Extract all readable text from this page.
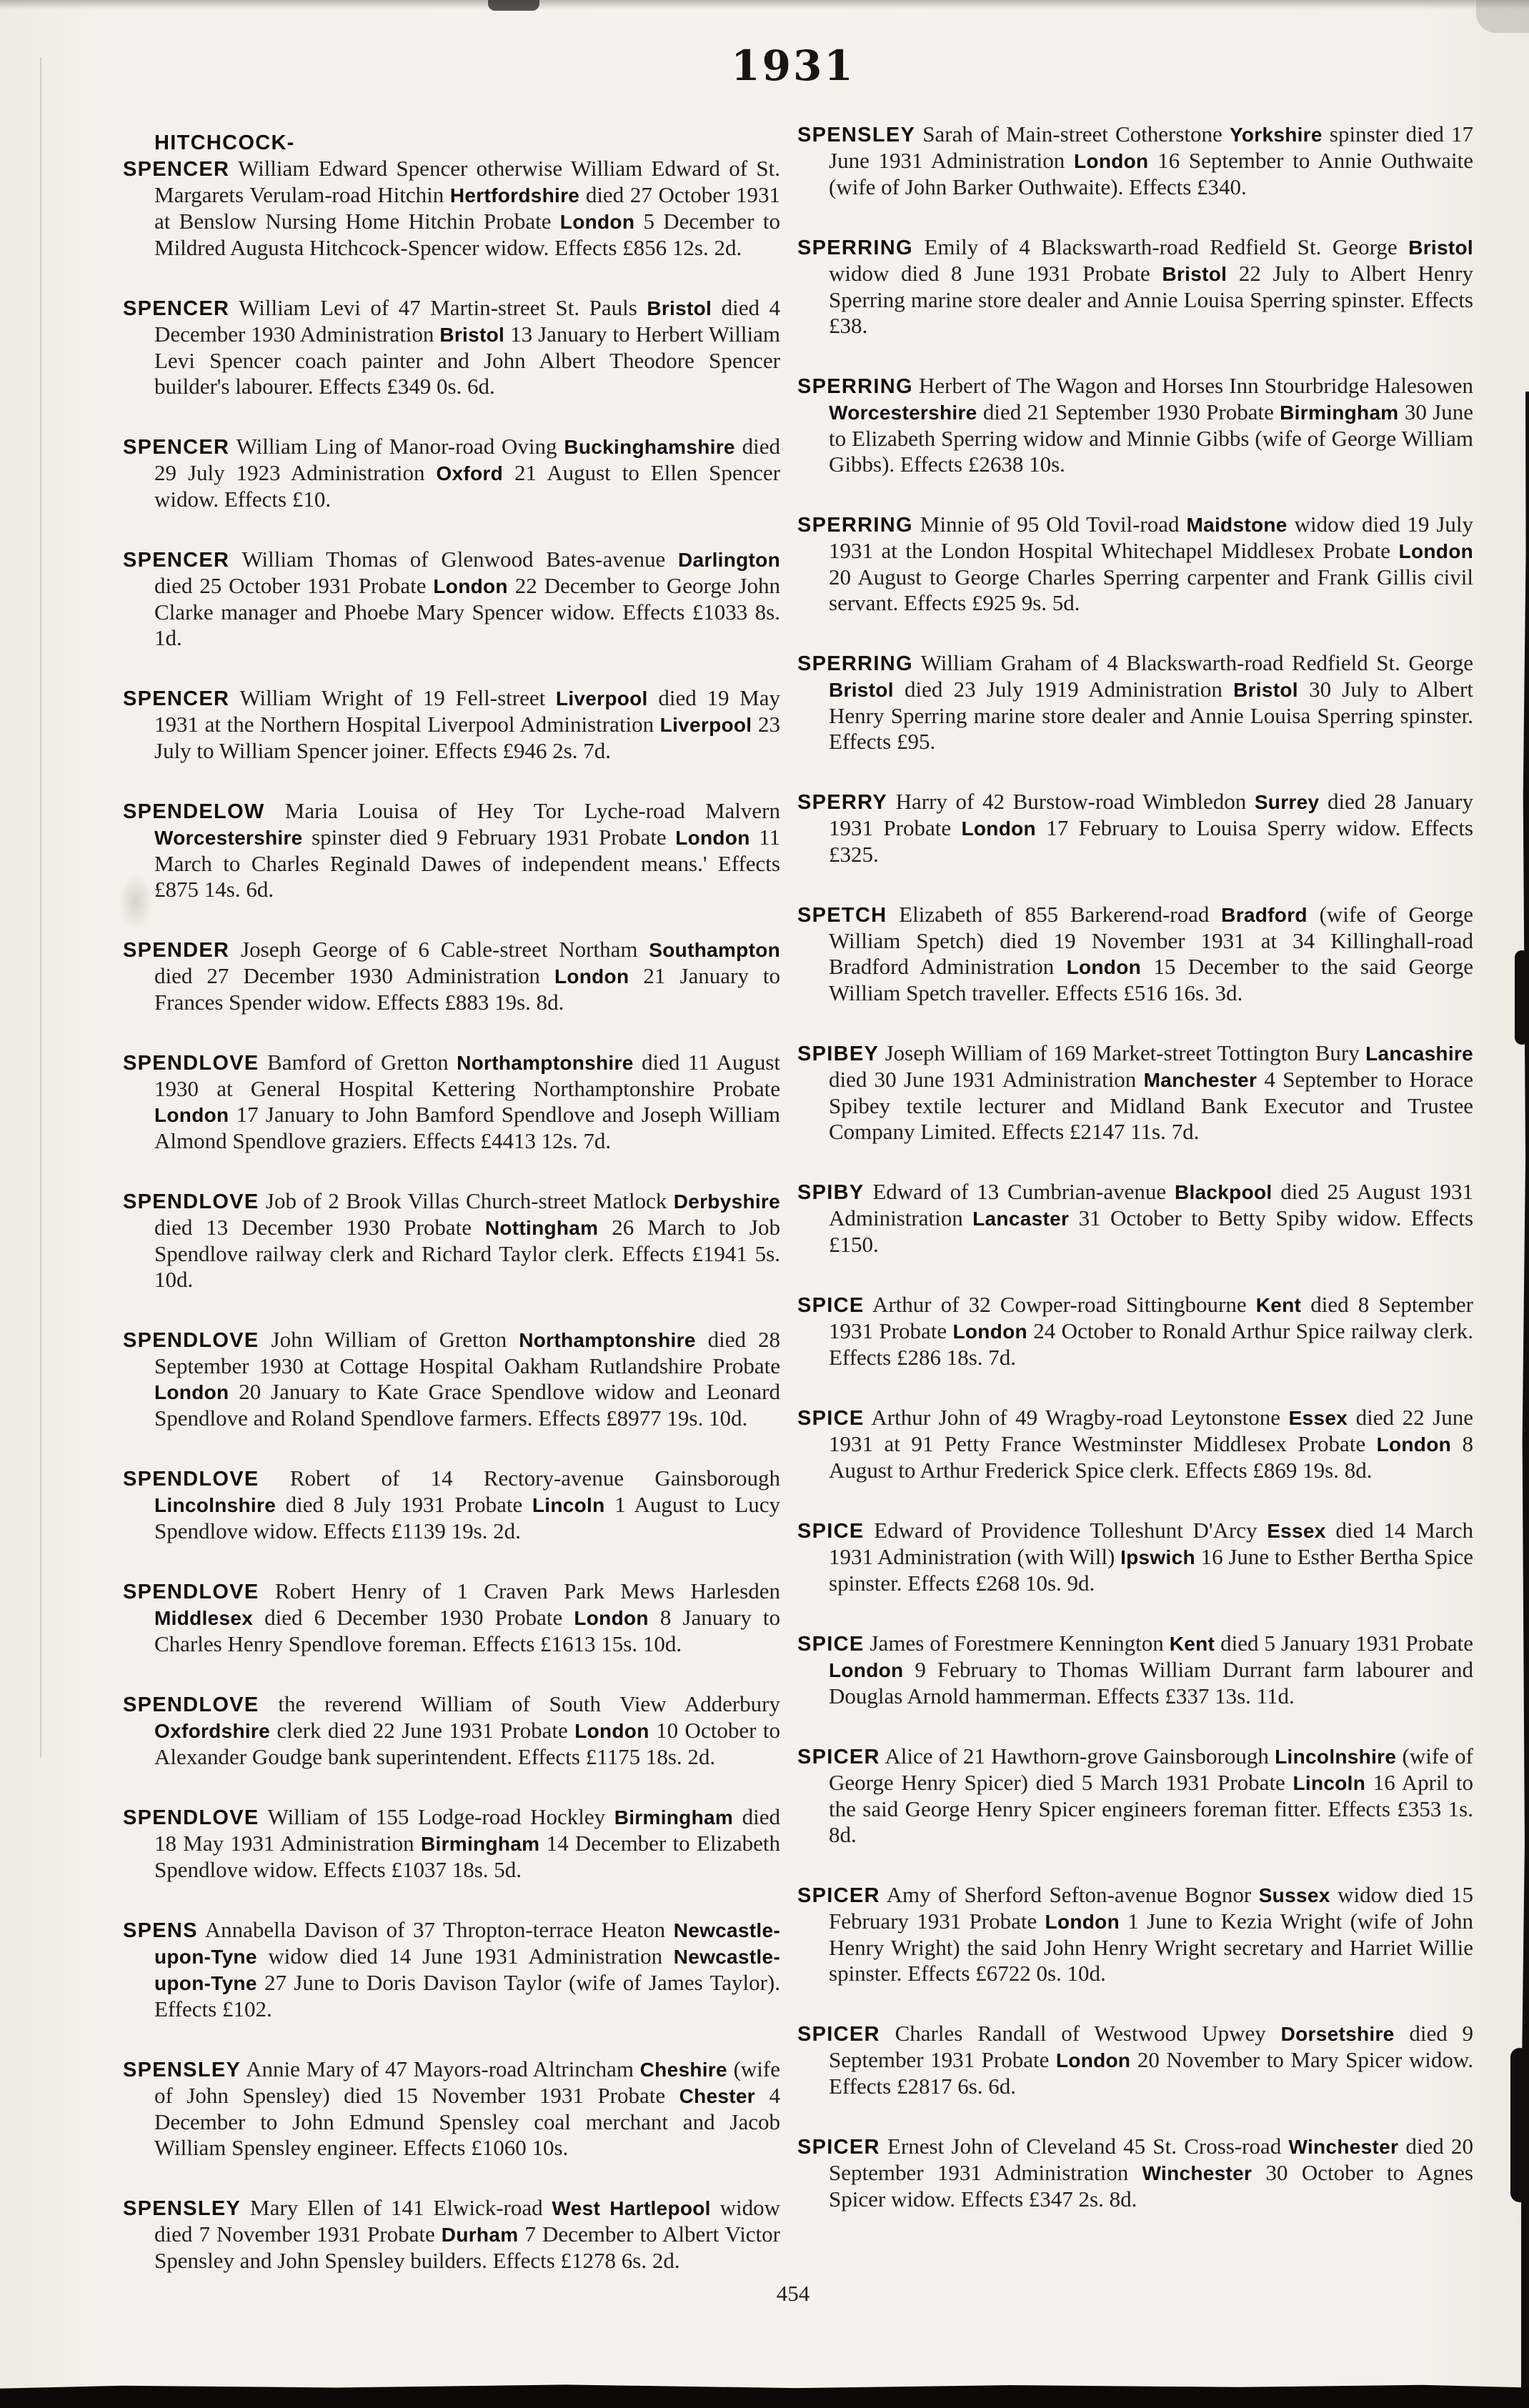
1931
HITCHCOCK-

SPENCER William Edward Spencer otherwise William Edward of St. Margarets Verulam-road Hitchin Hertfordshire died 27 October 1931 at Benslow Nursing Home Hitchin Probate London 5 December to Mildred Augusta Hitchcock-Spencer widow. Effects £856 12s. 2d.

SPENCER William Levi of 47 Martin-street St. Pauls Bristol died 4 December 1930 Administration Bristol 13 January to Herbert William Levi Spencer coach painter and John Albert Theodore Spencer builder's labourer. Effects £349 0s. 6d.

SPENCER William Ling of Manor-road Oving Buckinghamshire died 29 July 1923 Administration Oxford 21 August to Ellen Spencer widow. Effects £10.

SPENCER William Thomas of Glenwood Bates-avenue Darlington died 25 October 1931 Probate London 22 December to George John Clarke manager and Phoebe Mary Spencer widow. Effects £1033 8s. 1d.

SPENCER William Wright of 19 Fell-street Liverpool died 19 May 1931 at the Northern Hospital Liverpool Administration Liverpool 23 July to William Spencer joiner. Effects £946 2s. 7d.

SPENDELOW Maria Louisa of Hey Tor Lyche-road Malvern Worcestershire spinster died 9 February 1931 Probate London 11 March to Charles Reginald Dawes of independent means.' Effects £875 14s. 6d.

SPENDER Joseph George of 6 Cable-street Northam Southampton died 27 December 1930 Administration London 21 January to Frances Spender widow. Effects £883 19s. 8d.

SPENDLOVE Bamford of Gretton Northamptonshire died 11 August 1930 at General Hospital Kettering Northamptonshire Probate London 17 January to John Bamford Spendlove and Joseph William Almond Spendlove graziers. Effects £4413 12s. 7d.

SPENDLOVE Job of 2 Brook Villas Church-street Matlock Derbyshire died 13 December 1930 Probate Nottingham 26 March to Job Spendlove railway clerk and Richard Taylor clerk. Effects £1941 5s. 10d.

SPENDLOVE John William of Gretton Northamptonshire died 28 September 1930 at Cottage Hospital Oakham Rutlandshire Probate London 20 January to Kate Grace Spendlove widow and Leonard Spendlove and Roland Spendlove farmers. Effects £8977 19s. 10d.

SPENDLOVE Robert of 14 Rectory-avenue Gainsborough Lincolnshire died 8 July 1931 Probate Lincoln 1 August to Lucy Spendlove widow. Effects £1139 19s. 2d.

SPENDLOVE Robert Henry of 1 Craven Park Mews Harlesden Middlesex died 6 December 1930 Probate London 8 January to Charles Henry Spendlove foreman. Effects £1613 15s. 10d.

SPENDLOVE the reverend William of South View Adderbury Oxfordshire clerk died 22 June 1931 Probate London 10 October to Alexander Goudge bank superintendent. Effects £1175 18s. 2d.

SPENDLOVE William of 155 Lodge-road Hockley Birmingham died 18 May 1931 Administration Birmingham 14 December to Elizabeth Spendlove widow. Effects £1037 18s. 5d.

SPENS Annabella Davison of 37 Thropton-terrace Heaton Newcastle-upon-Tyne widow died 14 June 1931 Administration Newcastle-upon-Tyne 27 June to Doris Davison Taylor (wife of James Taylor). Effects £102.

SPENSLEY Annie Mary of 47 Mayors-road Altrincham Cheshire (wife of John Spensley) died 15 November 1931 Probate Chester 4 December to John Edmund Spensley coal merchant and Jacob William Spensley engineer. Effects £1060 10s.

SPENSLEY Mary Ellen of 141 Elwick-road West Hartlepool widow died 7 November 1931 Probate Durham 7 December to Albert Victor Spensley and John Spensley builders. Effects £1278 6s. 2d.

SPENSLEY Sarah of Main-street Cotherstone Yorkshire spinster died 17 June 1931 Administration London 16 September to Annie Outhwaite (wife of John Barker Outhwaite). Effects £340.

SPERRING Emily of 4 Blackswarth-road Redfield St. George Bristol widow died 8 June 1931 Probate Bristol 22 July to Albert Henry Sperring marine store dealer and Annie Louisa Sperring spinster. Effects £38.

SPERRING Herbert of The Wagon and Horses Inn Stourbridge Halesowen Worcestershire died 21 September 1930 Probate Birmingham 30 June to Elizabeth Sperring widow and Minnie Gibbs (wife of George William Gibbs). Effects £2638 10s.

SPERRING Minnie of 95 Old Tovil-road Maidstone widow died 19 July 1931 at the London Hospital Whitechapel Middlesex Probate London 20 August to George Charles Sperring carpenter and Frank Gillis civil servant. Effects £925 9s. 5d.

SPERRING William Graham of 4 Blackswarth-road Redfield St. George Bristol died 23 July 1919 Administration Bristol 30 July to Albert Henry Sperring marine store dealer and Annie Louisa Sperring spinster. Effects £95.

SPERRY Harry of 42 Burstow-road Wimbledon Surrey died 28 January 1931 Probate London 17 February to Louisa Sperry widow. Effects £325.

SPETCH Elizabeth of 855 Barkerend-road Bradford (wife of George William Spetch) died 19 November 1931 at 34 Killinghall-road Bradford Administration London 15 December to the said George William Spetch traveller. Effects £516 16s. 3d.

SPIBEY Joseph William of 169 Market-street Tottington Bury Lancashire died 30 June 1931 Administration Manchester 4 September to Horace Spibey textile lecturer and Midland Bank Executor and Trustee Company Limited. Effects £2147 11s. 7d.

SPIBY Edward of 13 Cumbrian-avenue Blackpool died 25 August 1931 Administration Lancaster 31 October to Betty Spiby widow. Effects £150.

SPICE Arthur of 32 Cowper-road Sittingbourne Kent died 8 September 1931 Probate London 24 October to Ronald Arthur Spice railway clerk. Effects £286 18s. 7d.

SPICE Arthur John of 49 Wragby-road Leytonstone Essex died 22 June 1931 at 91 Petty France Westminster Middlesex Probate London 8 August to Arthur Frederick Spice clerk. Effects £869 19s. 8d.

SPICE Edward of Providence Tolleshunt D'Arcy Essex died 14 March 1931 Administration (with Will) Ipswich 16 June to Esther Bertha Spice spinster. Effects £268 10s. 9d.

SPICE James of Forestmere Kennington Kent died 5 January 1931 Probate London 9 February to Thomas William Durrant farm labourer and Douglas Arnold hammerman. Effects £337 13s. 11d.

SPICER Alice of 21 Hawthorn-grove Gainsborough Lincolnshire (wife of George Henry Spicer) died 5 March 1931 Probate Lincoln 16 April to the said George Henry Spicer engineers foreman fitter. Effects £353 1s. 8d.

SPICER Amy of Sherford Sefton-avenue Bognor Sussex widow died 15 February 1931 Probate London 1 June to Kezia Wright (wife of John Henry Wright) the said John Henry Wright secretary and Harriet Willie spinster. Effects £6722 0s. 10d.

SPICER Charles Randall of Westwood Upwey Dorsetshire died 9 September 1931 Probate London 20 November to Mary Spicer widow. Effects £2817 6s. 6d.

SPICER Ernest John of Cleveland 45 St. Cross-road Winchester died 20 September 1931 Administration Winchester 30 October to Agnes Spicer widow. Effects £347 2s. 8d.

454
